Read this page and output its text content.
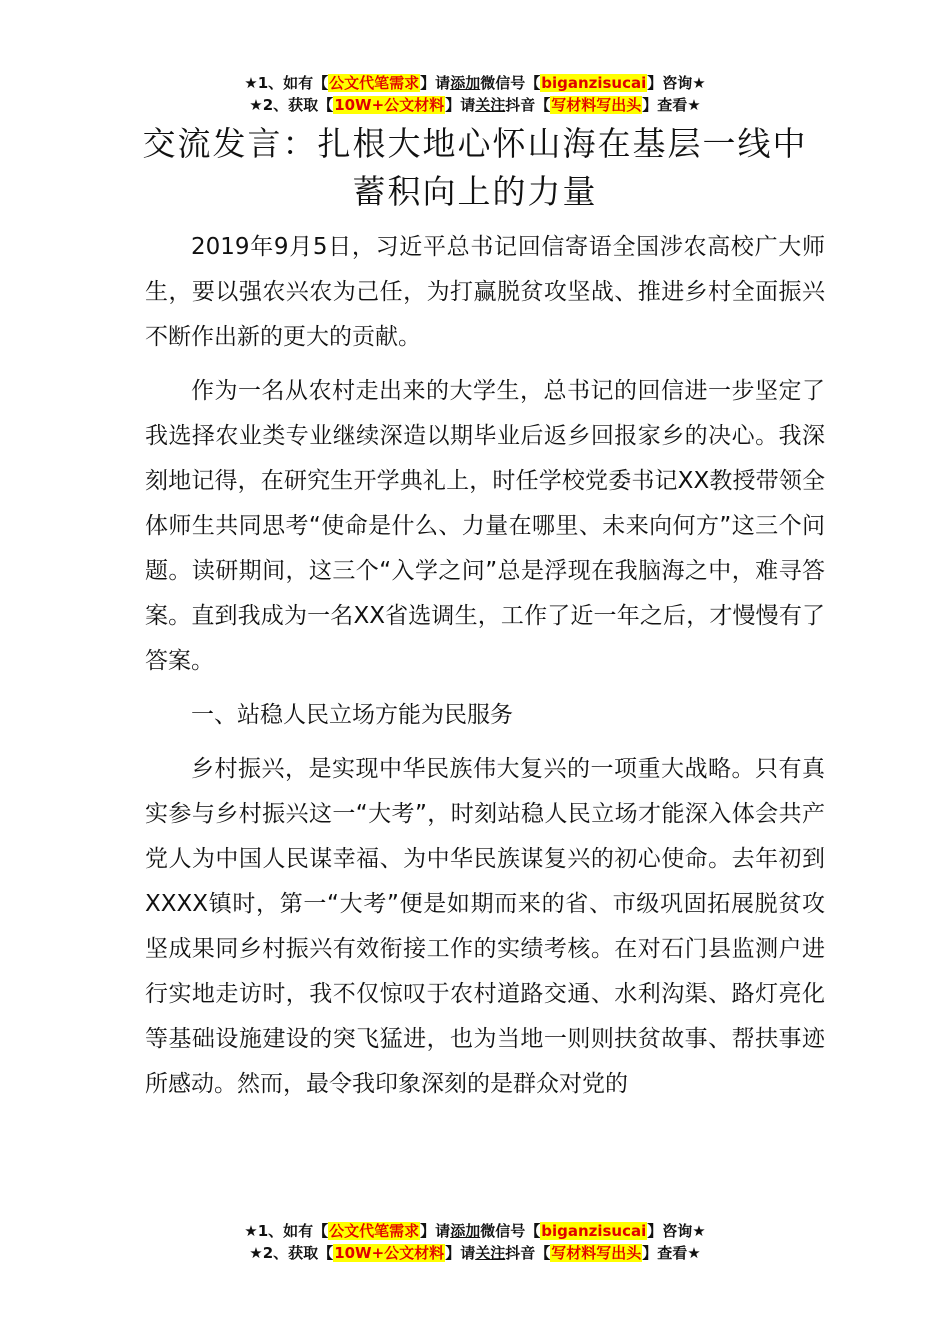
★1、如有【公文代笔需求】请添加微信号【biganzisucai】咨询★
★2、获取【10W+公文材料】请关注抖音【写材料写出头】查看★
交流发言：扎根大地心怀山海在基层一线中
蓄积向上的力量

2019年9月5日，习近平总书记回信寄语全国涉农高校广大师生，要以强农兴农为己任，为打赢脱贫攻坚战、推进乡村全面振兴不断作出新的更大的贡献。

作为一名从农村走出来的大学生，总书记的回信进一步坚定了我选择农业类专业继续深造以期毕业后返乡回报家乡的决心。我深刻地记得，在研究生开学典礼上，时任学校党委书记XX教授带领全体师生共同思考“使命是什么、力量在哪里、未来向何方”这三个问题。读研期间，这三个“入学之问”总是浮现在我脑海之中，难寻答案。直到我成为一名XX省选调生，工作了近一年之后，才慢慢有了答案。

一、站稳人民立场方能为民服务

乡村振兴，是实现中华民族伟大复兴的一项重大战略。只有真实参与乡村振兴这一“大考”，时刻站稳人民立场才能深入体会共产党人为中国人民谋幸福、为中华民族谋复兴的初心使命。去年初到XXXX镇时，第一“大考”便是如期而来的省、市级巩固拓展脱贫攻坚成果同乡村振兴有效衔接工作的实绩考核。在对石门县监测户进行实地走访时，我不仅惊叹于农村道路交通、水利沟渠、路灯亮化等基础设施建设的突飞猛进，也为当地一则则扶贫故事、帮扶事迹所感动。然而，最令我印象深刻的是群众对党的

★1、如有【公文代笔需求】请添加微信号【biganzisucai】咨询★
★2、获取【10W+公文材料】请关注抖音【写材料写出头】查看★
